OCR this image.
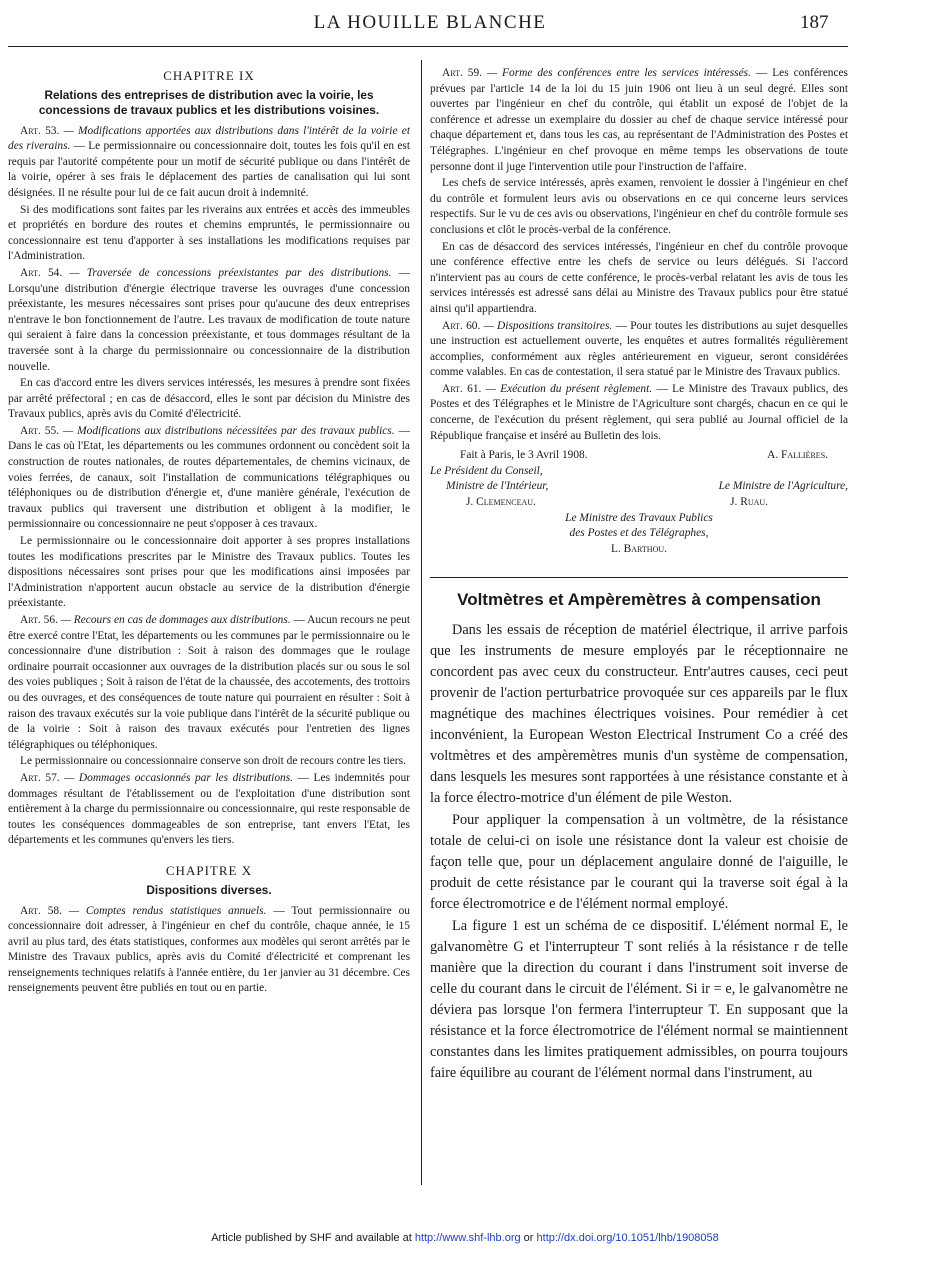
LA HOUILLE BLANCHE	187
CHAPITRE IX
Relations des entreprises de distribution avec la voirie, les concessions de travaux publics et les distributions voisines.

Art. 53. — Modifications apportées aux distributions dans l'intérêt de la voirie et des riverains. — Le permissionnaire ou concessionnaire doit, toutes les fois qu'il en est requis par l'autorité compétente pour un motif de sécurité publique ou dans l'intérêt de la voirie, opérer à ses frais le déplacement des parties de canalisation qui lui sont désignées. Il ne résulte pour lui de ce fait aucun droit à indemnité.

Si des modifications sont faites par les riverains aux entrées et accès des immeubles et propriétés en bordure des routes et chemins empruntés, le permissionnaire ou concessionnaire est tenu d'apporter à ses installations les modifications requises par l'Administration.

Art. 54. — Traversée de concessions préexistantes par des distributions. — Lorsqu'une distribution d'énergie électrique traverse les ouvrages d'une concession préexistante, les mesures nécessaires sont prises pour qu'aucune des deux entreprises n'entrave le bon fonctionnement de l'autre. Les travaux de modification de toute nature qui seraient à faire dans la concession préexistante, et tous dommages résultant de la traversée sont à la charge du permissionnaire ou concessionnaire de la distribution nouvelle.

En cas d'accord entre les divers services intéressés, les mesures à prendre sont fixées par arrêté préfectoral ; en cas de désaccord, elles le sont par décision du Ministre des Travaux publics, après avis du Comité d'électricité.

Art. 55. — Modifications aux distributions nécessitées par des travaux publics. — Dans le cas où l'Etat, les départements ou les communes ordonnent ou concèdent soit la construction de routes nationales, de routes départementales, de chemins vicinaux, de voies ferrées, de canaux, soit l'installation de communications télégraphiques ou téléphoniques ou de distribution d'énergie et, d'une manière générale, l'exécution de travaux publics qui traversent une distribution et obligent à la modifier, le permissionnaire ou concessionnaire ne peut s'opposer à ces travaux.

Le permissionnaire ou le concessionnaire doit apporter à ses propres installations toutes les modifications prescrites par le Ministre des Travaux publics. Toutes les dispositions nécessaires sont prises pour que les modifications ainsi imposées par l'Administration n'apportent aucun obstacle au service de la distribution d'énergie préexistante.

Art. 56. — Recours en cas de dommages aux distributions. — Aucun recours ne peut être exercé contre l'Etat, les départements ou les communes par le permissionnaire ou le concessionnaire d'une distribution : Soit à raison des dommages que le roulage ordinaire pourrait occasionner aux ouvrages de la distribution placés sur ou sous le sol des voies publiques ; Soit à raison de l'état de la chaussée, des accotements, des trottoirs ou des ouvrages, et des conséquences de toute nature qui pourraient en résulter : Soit à raison des travaux exécutés sur la voie publique dans l'intérêt de la sécurité publique ou de la voirie : Soit à raison des travaux exécutés pour l'entretien des lignes télégraphiques ou téléphoniques.

Le permissionnaire ou concessionnaire conserve son droit de recours contre les tiers.

Art. 57. — Dommages occasionnés par les distributions. — Les indemnités pour dommages résultant de l'établissement ou de l'exploitation d'une distribution sont entièrement à la charge du permissionnaire ou concessionnaire, qui reste responsable de toutes les conséquences dommageables de son entreprise, tant envers l'Etat, les départements et les communes qu'envers les tiers.

CHAPITRE X
Dispositions diverses.

Art. 58. — Comptes rendus statistiques annuels. — Tout permissionnaire ou concessionnaire doit adresser, à l'ingénieur en chef du contrôle, chaque année, le 15 avril au plus tard, des états statistiques, conformes aux modèles qui seront arrêtés par le Ministre des Travaux publics, après avis du Comité d'électricité et comprenant les renseignements techniques relatifs à l'année entière, du 1er janvier au 31 décembre. Ces renseignements peuvent être publiés en tout ou en partie.

Art. 59. — Forme des conférences entre les services intéressés. — Les conférences prévues par l'article 14 de la loi du 15 juin 1906 ont lieu à un seul degré. Elles sont ouvertes par l'ingénieur en chef du contrôle, qui établit un exposé de l'objet de la conférence et adresse un exemplaire du dossier au chef de chaque service intéressé pour chaque département et, dans tous les cas, au représentant de l'Administration des Postes et Télégraphes. L'ingénieur en chef provoque en même temps les observations de toute personne dont il juge l'intervention utile pour l'instruction de l'affaire.

Les chefs de service intéressés, après examen, renvoient le dossier à l'ingénieur en chef du contrôle et formulent leurs avis ou observations en ce qui concerne leurs services respectifs. Sur le vu de ces avis ou observations, l'ingénieur en chef du contrôle formule ses conclusions et clôt le procès-verbal de la conférence.

En cas de désaccord des services intéressés, l'ingénieur en chef du contrôle provoque une conférence effective entre les chefs de service ou leurs délégués. Si l'accord n'intervient pas au cours de cette conférence, le procès-verbal relatant les avis de tous les services intéressés est adressé sans délai au Ministre des Travaux publics pour être statué ainsi qu'il appartiendra.

Art. 60. — Dispositions transitoires. — Pour toutes les distributions au sujet desquelles une instruction est actuellement ouverte, les enquêtes et autres formalités régulièrement accomplies, conformément aux règles antérieurement en vigueur, seront considérées comme valables. En cas de contestation, il sera statué par le Ministre des Travaux publics.

Art. 61. — Exécution du présent règlement. — Le Ministre des Travaux publics, des Postes et des Télégraphes et le Ministre de l'Agriculture sont chargés, chacun en ce qui le concerne, de l'exécution du présent règlement, qui sera publié au Journal officiel de la République française et inséré au Bulletin des lois.

Fait à Paris, le 3 Avril 1908.	A. Fallières.
Le Président du Conseil,
Ministre de l'Intérieur,	Le Ministre de l'Agriculture,
J. Clemenceau.	J. Ruau.
Le Ministre des Travaux Publics
des Postes et des Télégraphes,
L. Barthou.
Voltmètres et Ampèremètres à compensation

Dans les essais de réception de matériel électrique, il arrive parfois que les instruments de mesure employés par le réceptionnaire ne concordent pas avec ceux du constructeur. Entr'autres causes, ceci peut provenir de l'action perturbatrice provoquée sur ces appareils par le flux magnétique des machines électriques voisines. Pour remédier à cet inconvénient, la European Weston Electrical Instrument Co a créé des voltmètres et des ampèremètres munis d'un système de compensation, dans lesquels les mesures sont rapportées à une résistance constante et à la force électro-motrice d'un élément de pile Weston.

Pour appliquer la compensation à un voltmètre, de la résistance totale de celui-ci on isole une résistance dont la valeur est choisie de façon telle que, pour un déplacement angulaire donné de l'aiguille, le produit de cette résistance par le courant qui la traverse soit égal à la force électromotrice e de l'élément normal employé.

La figure 1 est un schéma de ce dispositif. L'élément normal E, le galvanomètre G et l'interrupteur T sont reliés à la résistance r de telle manière que la direction du courant i dans l'instrument soit inverse de celle du courant dans le circuit de l'élément. Si ir = e, le galvanomètre ne déviera pas lorsque l'on fermera l'interrupteur T. En supposant que la résistance et la force électromotrice de l'élément normal se maintiennent constantes dans les limites pratiquement admissibles, on pourra toujours faire équilibre au courant de l'élément normal dans l'instrument, au

Article published by SHF and available at http://www.shf-lhb.org or http://dx.doi.org/10.1051/lhb/1908058
